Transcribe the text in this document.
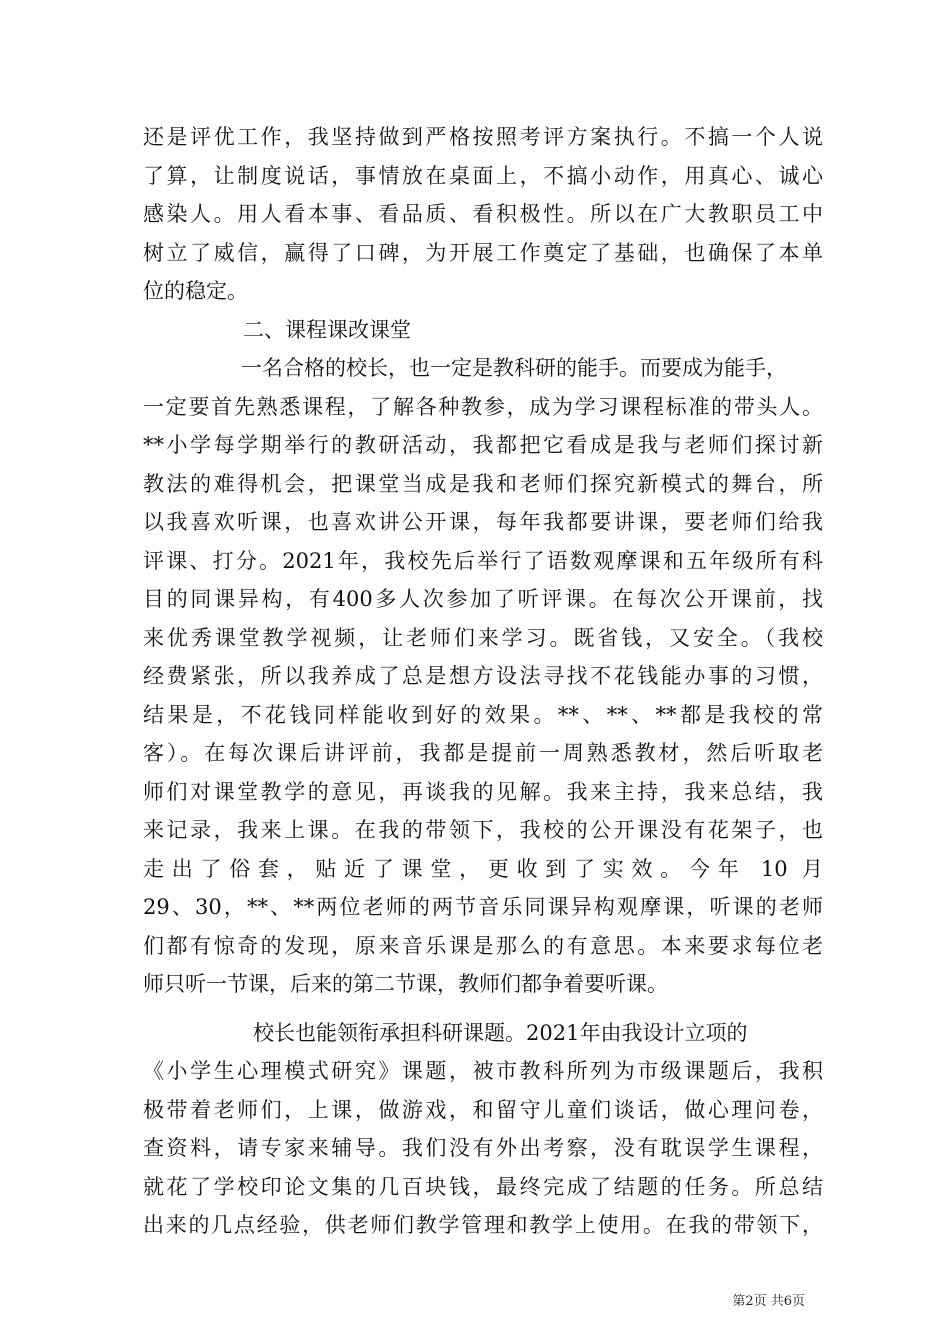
还是评优工作，我坚持做到严格按照考评方案执行。不搞一个人说
了算，让制度说话，事情放在桌面上，不搞小动作，用真心、诚心
感染人。用人看本事、看品质、看积极性。所以在广大教职员工中
树立了威信，赢得了口碑，为开展工作奠定了基础，也确保了本单
位的稳定。
二、课程课改课堂
一名合格的校长，也一定是教科研的能手。而要成为能手，
一定要首先熟悉课程，了解各种教参，成为学习课程标准的带头人。
**小学每学期举行的教研活动，我都把它看成是我与老师们探讨新
教法的难得机会，把课堂当成是我和老师们探究新模式的舞台，所
以我喜欢听课，也喜欢讲公开课，每年我都要讲课，要老师们给我
评课、打分。2021年，我校先后举行了语数观摩课和五年级所有科
目的同课异构，有400多人次参加了听评课。在每次公开课前，找
来优秀课堂教学视频，让老师们来学习。既省钱，又安全。（我校
经费紧张，所以我养成了总是想方设法寻找不花钱能办事的习惯，
结果是，不花钱同样能收到好的效果。**、**、**都是我校的常
客）。在每次课后讲评前，我都是提前一周熟悉教材，然后听取老
师们对课堂教学的意见，再谈我的见解。我来主持，我来总结，我
来记录，我来上课。在我的带领下，我校的公开课没有花架子，也
走出了俗套，贴近了课堂，更收到了实效。今年 10 月
29、30，**、**两位老师的两节音乐同课异构观摩课，听课的老师
们都有惊奇的发现，原来音乐课是那么的有意思。本来要求每位老
师只听一节课，后来的第二节课，教师们都争着要听课。
校长也能领衔承担科研课题。2021年由我设计立项的
《小学生心理模式研究》课题，被市教科所列为市级课题后，我积
极带着老师们，上课，做游戏，和留守儿童们谈话，做心理问卷，
查资料，请专家来辅导。我们没有外出考察，没有耽误学生课程，
就花了学校印论文集的几百块钱，最终完成了结题的任务。所总结
出来的几点经验，供老师们教学管理和教学上使用。在我的带领下，
第2页 共6页
